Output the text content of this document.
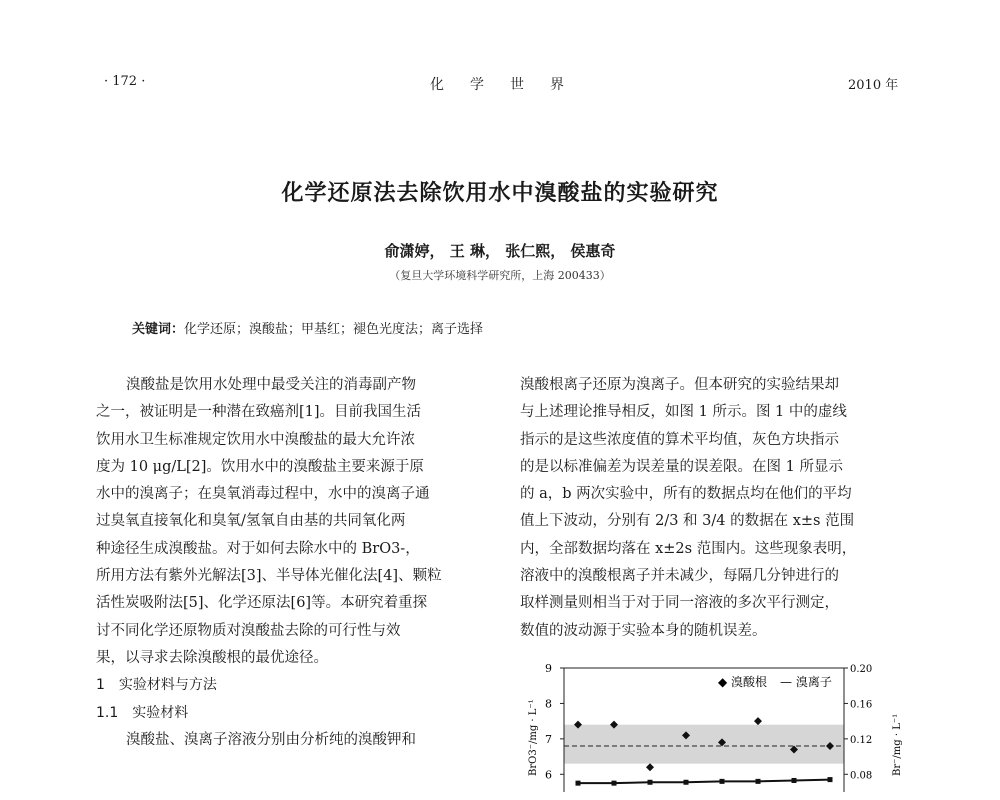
· 172 ·	化学世界	2010 年
化学还原法去除饮用水中溴酸盐的实验研究
俞潇婷， 王 琳， 张仁熙， 侯惠奇
（复旦大学环境科学研究所，上海 200433）
关键词：化学还原；溴酸盐；甲基红；褪色光度法；离子选择
溴酸盐是饮用水处理中最受关注的消毒副产物
之一，被证明是一种潜在致癌剂[1]。目前我国生活
饮用水卫生标准规定饮用水中溴酸盐的最大允许浓
度为 10 μg/L[2]。饮用水中的溴酸盐主要来源于原
水中的溴离子；在臭氧消毒过程中，水中的溴离子通
过臭氧直接氧化和臭氧/氢氧自由基的共同氧化两
种途径生成溴酸盐。对于如何去除水中的 BrO3-，
所用方法有紫外光解法[3]、半导体光催化法[4]、颗粒
活性炭吸附法[5]、化学还原法[6]等。本研究着重探
讨不同化学还原物质对溴酸盐去除的可行性与效
果，以寻求去除溴酸根的最优途径。
1　实验材料与方法
1.1　实验材料
溴酸盐、溴离子溶液分别由分析纯的溴酸钾和
溴酸根离子还原为溴离子。但本研究的实验结果却
与上述理论推导相反，如图 1 所示。图 1 中的虚线
指示的是这些浓度值的算术平均值，灰色方块指示
的是以标准偏差为误差量的误差限。在图 1 所显示
的 a，b 两次实验中，所有的数据点均在他们的平均
值上下波动，分别有 2/3 和 3/4 的数据在 x±s 范围
内，全部数据均落在 x±2s 范围内。这些现象表明，
溶液中的溴酸根离子并未减少，每隔几分钟进行的
取样测量则相当于对于同一溶液的多次平行测定，
数值的波动源于实验本身的随机误差。
9
8
7
6
0.20
0.16
0.12
0.08
BrO3⁻/mg · L⁻¹	Br⁻/mg · L⁻¹
◆ 溴酸根 — 溴离子
